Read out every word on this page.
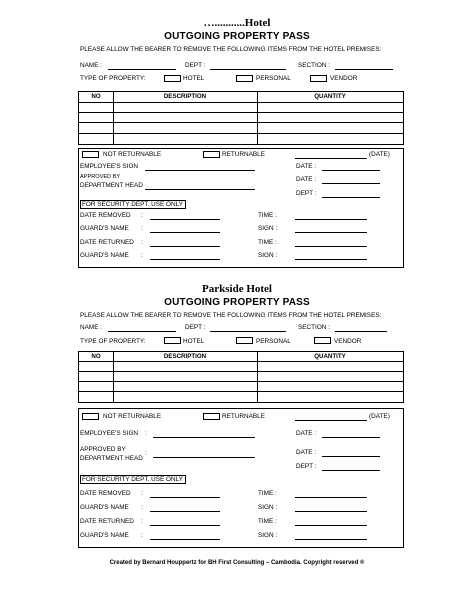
…...........Hotel
OUTGOING PROPERTY PASS
PLEASE ALLOW THE BEARER TO REMOVE THE FOLLOWING ITEMS FROM THE HOTEL PREMISES:
NAME :	DEPT :	SECTION :
TYPE OF PROPERTY:	HOTEL	PERSONAL	VENDOR
NO	DESCRIPTION	QUANTITY
NOT RETURNABLE	RETURNABLE	(DATE)
EMPLOYEE'S SIGN	DATE :
APPROVED BY
DEPARTMENT HEAD
DATE :
DEPT :
FOR SECURITY DEPT. USE ONLY
DATE REMOVED :	TIME :
GUARD'S NAME :	SIGN :
DATE RETURNED :	TIME :
GUARD'S NAME :	SIGN :
Parkside Hotel
OUTGOING PROPERTY PASS
PLEASE ALLOW THE BEARER TO REMOVE THE FOLLOWING ITEMS FROM THE HOTEL PREMISES:
NAME :	DEPT :	SECTION :
TYPE OF PROPERTY:	HOTEL	PERSONAL	VENDOR
NO	DESCRIPTION	QUANTITY
NOT RETURNABLE	RETURNABLE	(DATE)
EMPLOYEE'S SIGN :	DATE :
APPROVED BY
:
DEPARTMENT HEAD
DATE :
DEPT :
FOR SECURITY DEPT. USE ONLY
DATE REMOVED :	TIME :
GUARD'S NAME :	SIGN :
DATE RETURNED :	TIME :
GUARD'S NAME :	SIGN :
Created by Bernard Houppertz for BH First Consulting – Cambodia. Copyright reserved ®
